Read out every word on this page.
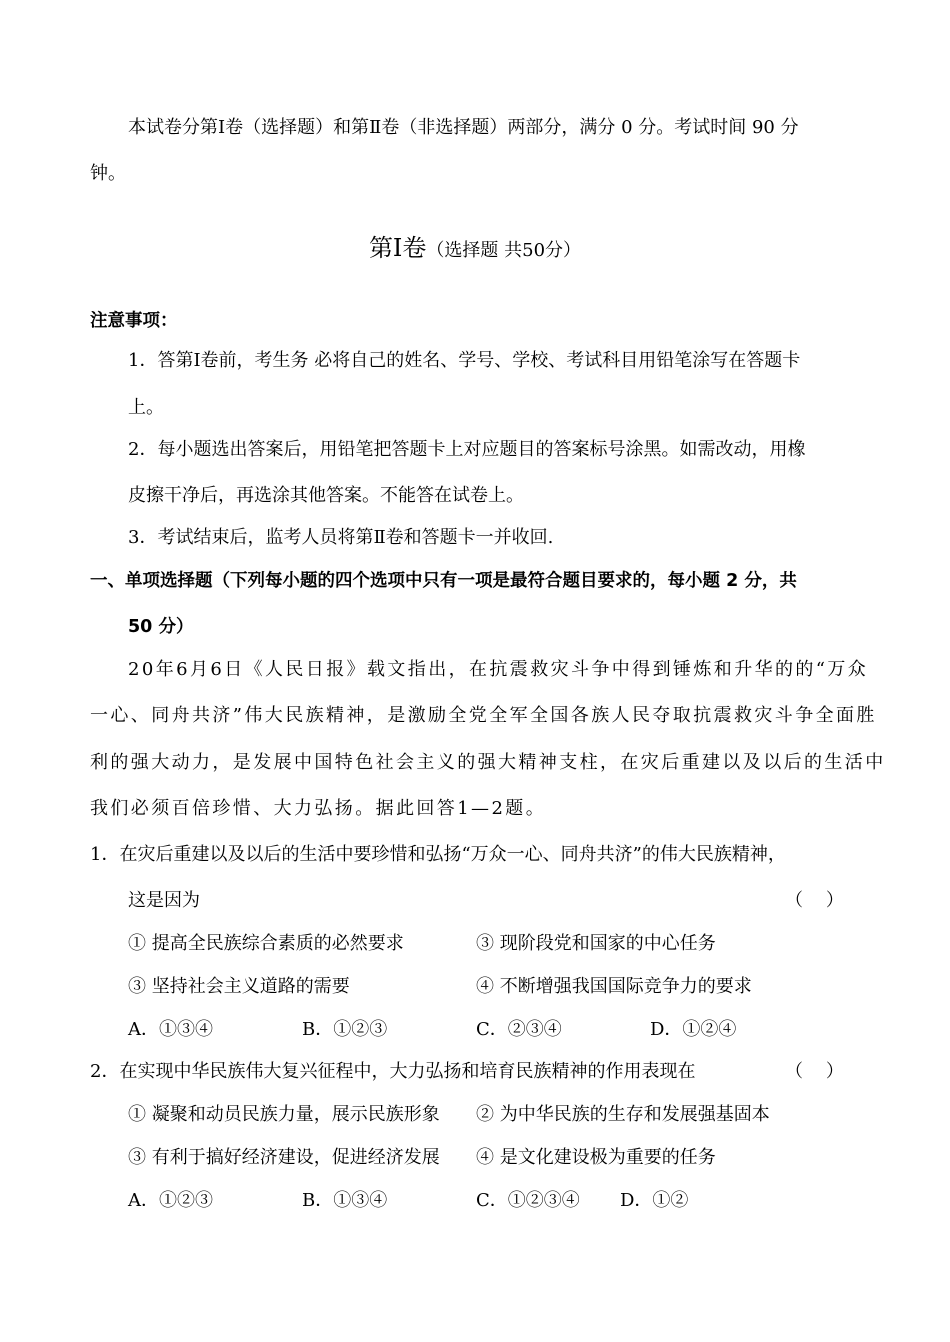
本试卷分第Ⅰ卷（选择题）和第Ⅱ卷（非选择题）两部分，满分 0 分。考试时间 90 分
钟。
第Ⅰ卷（选择题 共50分）
注意事项：
1．答第Ⅰ卷前，考生务 必将自己的姓名、学号、学校、考试科目用铅笔涂写在答题卡
上。
2．每小题选出答案后，用铅笔把答题卡上对应题目的答案标号涂黑。如需改动，用橡
皮擦干净后，再选涂其他答案。不能答在试卷上。
3．考试结束后，监考人员将第Ⅱ卷和答题卡一并收回.
一、单项选择题（下列每小题的四个选项中只有一项是最符合题目要求的，每小题 2 分，共
50 分）
20年6月6日《人民日报》载文指出，在抗震救灾斗争中得到锤炼和升华的的“万众
一心、同舟共济”伟大民族精神，是激励全党全军全国各族人民夺取抗震救灾斗争全面胜
利的强大动力，是发展中国特色社会主义的强大精神支柱，在灾后重建以及以后的生活中
我们必须百倍珍惜、大力弘扬。据此回答1—2题。
1．在灾后重建以及以后的生活中要珍惜和弘扬“万众一心、同舟共济”的伟大民族精神，
这是因为	（    ）
① 提高全民族综合素质的必然要求	③ 现阶段党和国家的中心任务
③ 坚持社会主义道路的需要	④ 不断增强我国国际竞争力的要求
A．①③④	B．①②③	C．②③④	D．①②④
2．在实现中华民族伟大复兴征程中，大力弘扬和培育民族精神的作用表现在	（    ）
① 凝聚和动员民族力量，展示民族形象 ② 为中华民族的生存和发展强基固本
③ 有利于搞好经济建设，促进经济发展 ④ 是文化建设极为重要的任务
A．①②③	B．①③④	C．①②③④ D．①②
